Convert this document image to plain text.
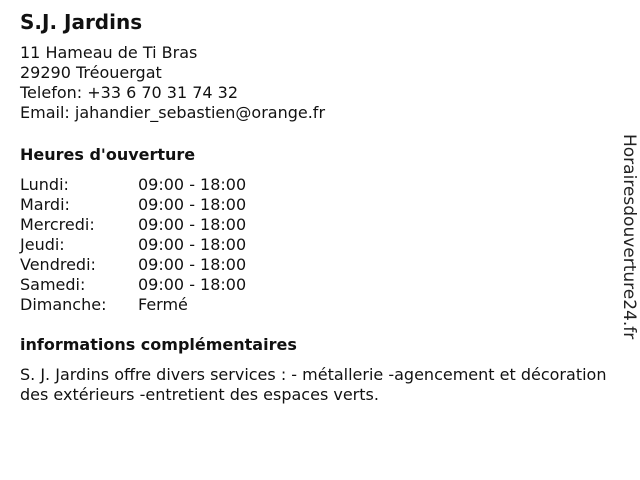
S.J. Jardins
11 Hameau de Ti Bras
29290 Tréouergat
Telefon: +33 6 70 31 74 32
Email: jahandier_sebastien@orange.fr
Heures d'ouverture
Lundi:	09:00 - 18:00
Mardi:	09:00 - 18:00
Mercredi:	09:00 - 18:00
Jeudi:	09:00 - 18:00
Vendredi:	09:00 - 18:00
Samedi:	09:00 - 18:00
Dimanche:	Fermé
informations complémentaires
S. J. Jardins offre divers services : - métallerie -agencement et décoration des extérieurs -entretient des espaces verts.
Horairesdouverture24.fr
